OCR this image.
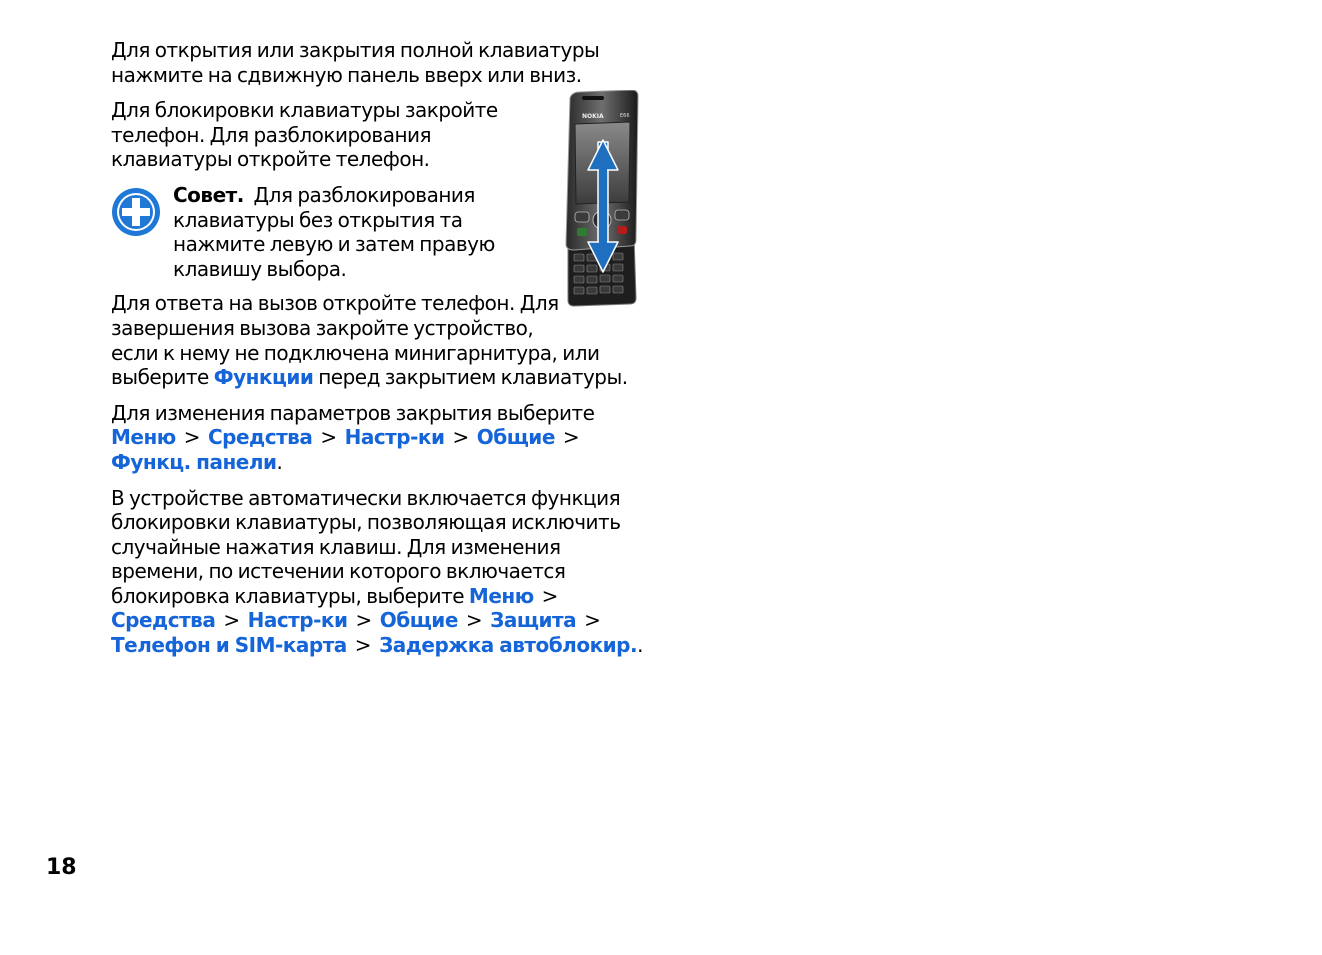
Для открытия или закрытия полной клавиатуры
нажмите на сдвижную панель вверх или вниз.
Для блокировки клавиатуры закройте
телефон. Для разблокирования
клавиатуры откройте телефон.
Совет. Для разблокирования
клавиатуры без открытия та
нажмите левую и затем правую
клавишу выбора.
Для ответа на вызов откройте телефон. Для
завершения вызова закройте устройство,
если к нему не подключена минигарнитура, или
выберите Функции перед закрытием клавиатуры.
Для изменения параметров закрытия выберите
Меню > Средства > Настр-ки > Общие >
Функц. панели.
В устройстве автоматически включается функция
блокировки клавиатуры, позволяющая исключить
случайные нажатия клавиш. Для изменения
времени, по истечении которого включается
блокировка клавиатуры, выберите Меню >
Средства > Настр-ки > Общие > Защита >
Телефон и SIM-карта > Задержка автоблокир..
NOKIA	E66
18
